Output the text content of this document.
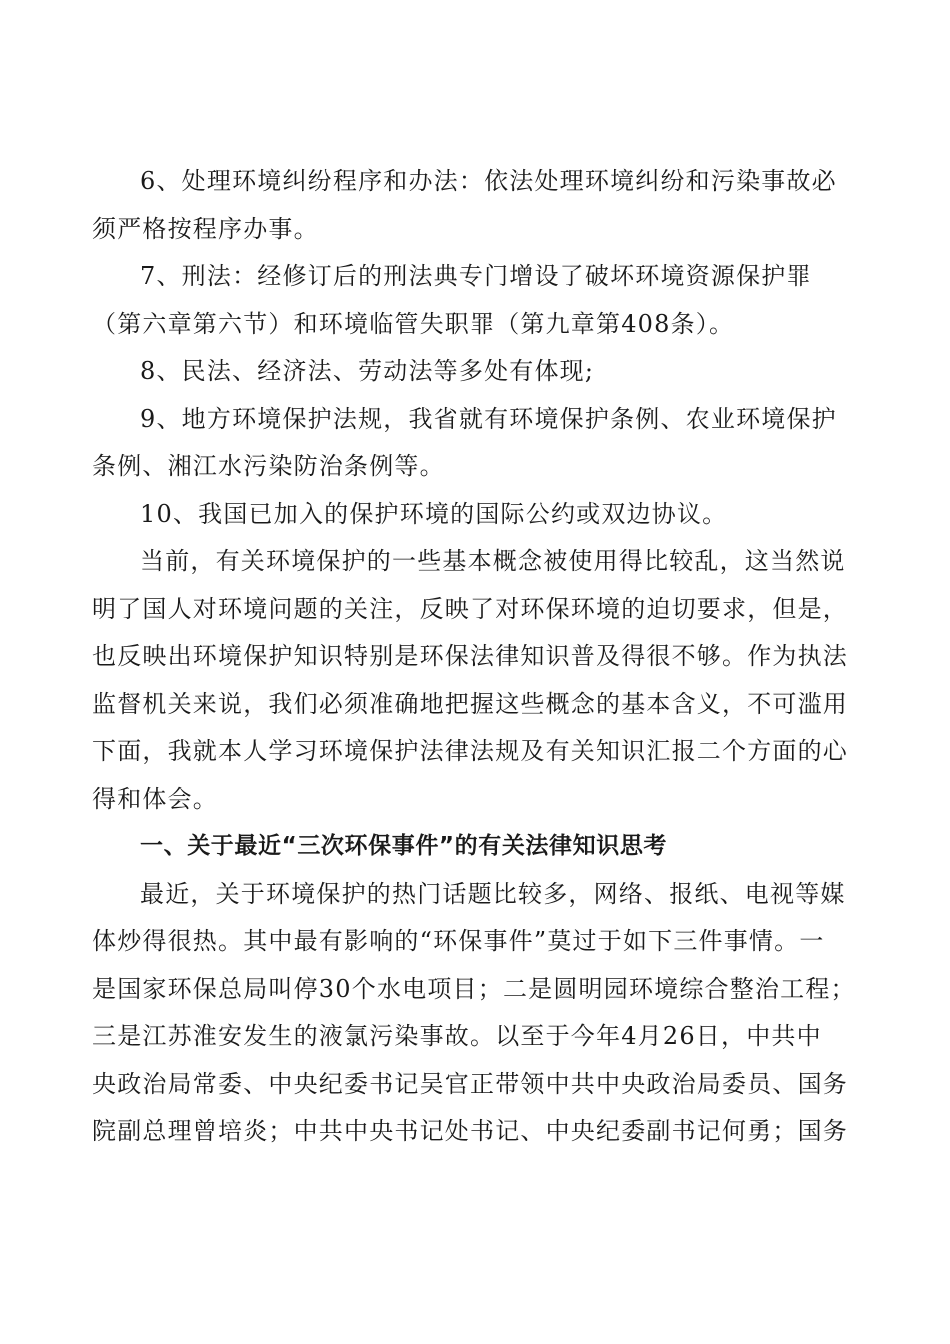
6、处理环境纠纷程序和办法：依法处理环境纠纷和污染事故必
须严格按程序办事。

7、刑法：经修订后的刑法典专门增设了破坏环境资源保护罪
（第六章第六节）和环境临管失职罪（第九章第408条）。

8、民法、经济法、劳动法等多处有体现;

9、地方环境保护法规，我省就有环境保护条例、农业环境保护
条例、湘江水污染防治条例等。

10、我国已加入的保护环境的国际公约或双边协议。

当前，有关环境保护的一些基本概念被使用得比较乱，这当然说
明了国人对环境问题的关注，反映了对环保环境的迫切要求，但是，
也反映出环境保护知识特别是环保法律知识普及得很不够。作为执法
监督机关来说，我们必须准确地把握这些概念的基本含义，不可滥用
下面，我就本人学习环境保护法律法规及有关知识汇报二个方面的心
得和体会。

一、关于最近“三次环保事件”的有关法律知识思考

最近，关于环境保护的热门话题比较多，网络、报纸、电视等媒
体炒得很热。其中最有影响的“环保事件”莫过于如下三件事情。一
是国家环保总局叫停30个水电项目；二是圆明园环境综合整治工程；
三是江苏淮安发生的液氯污染事故。以至于今年4月26日，中共中
央政治局常委、中央纪委书记吴官正带领中共中央政治局委员、国务
院副总理曾培炎；中共中央书记处书记、中央纪委副书记何勇；国务
